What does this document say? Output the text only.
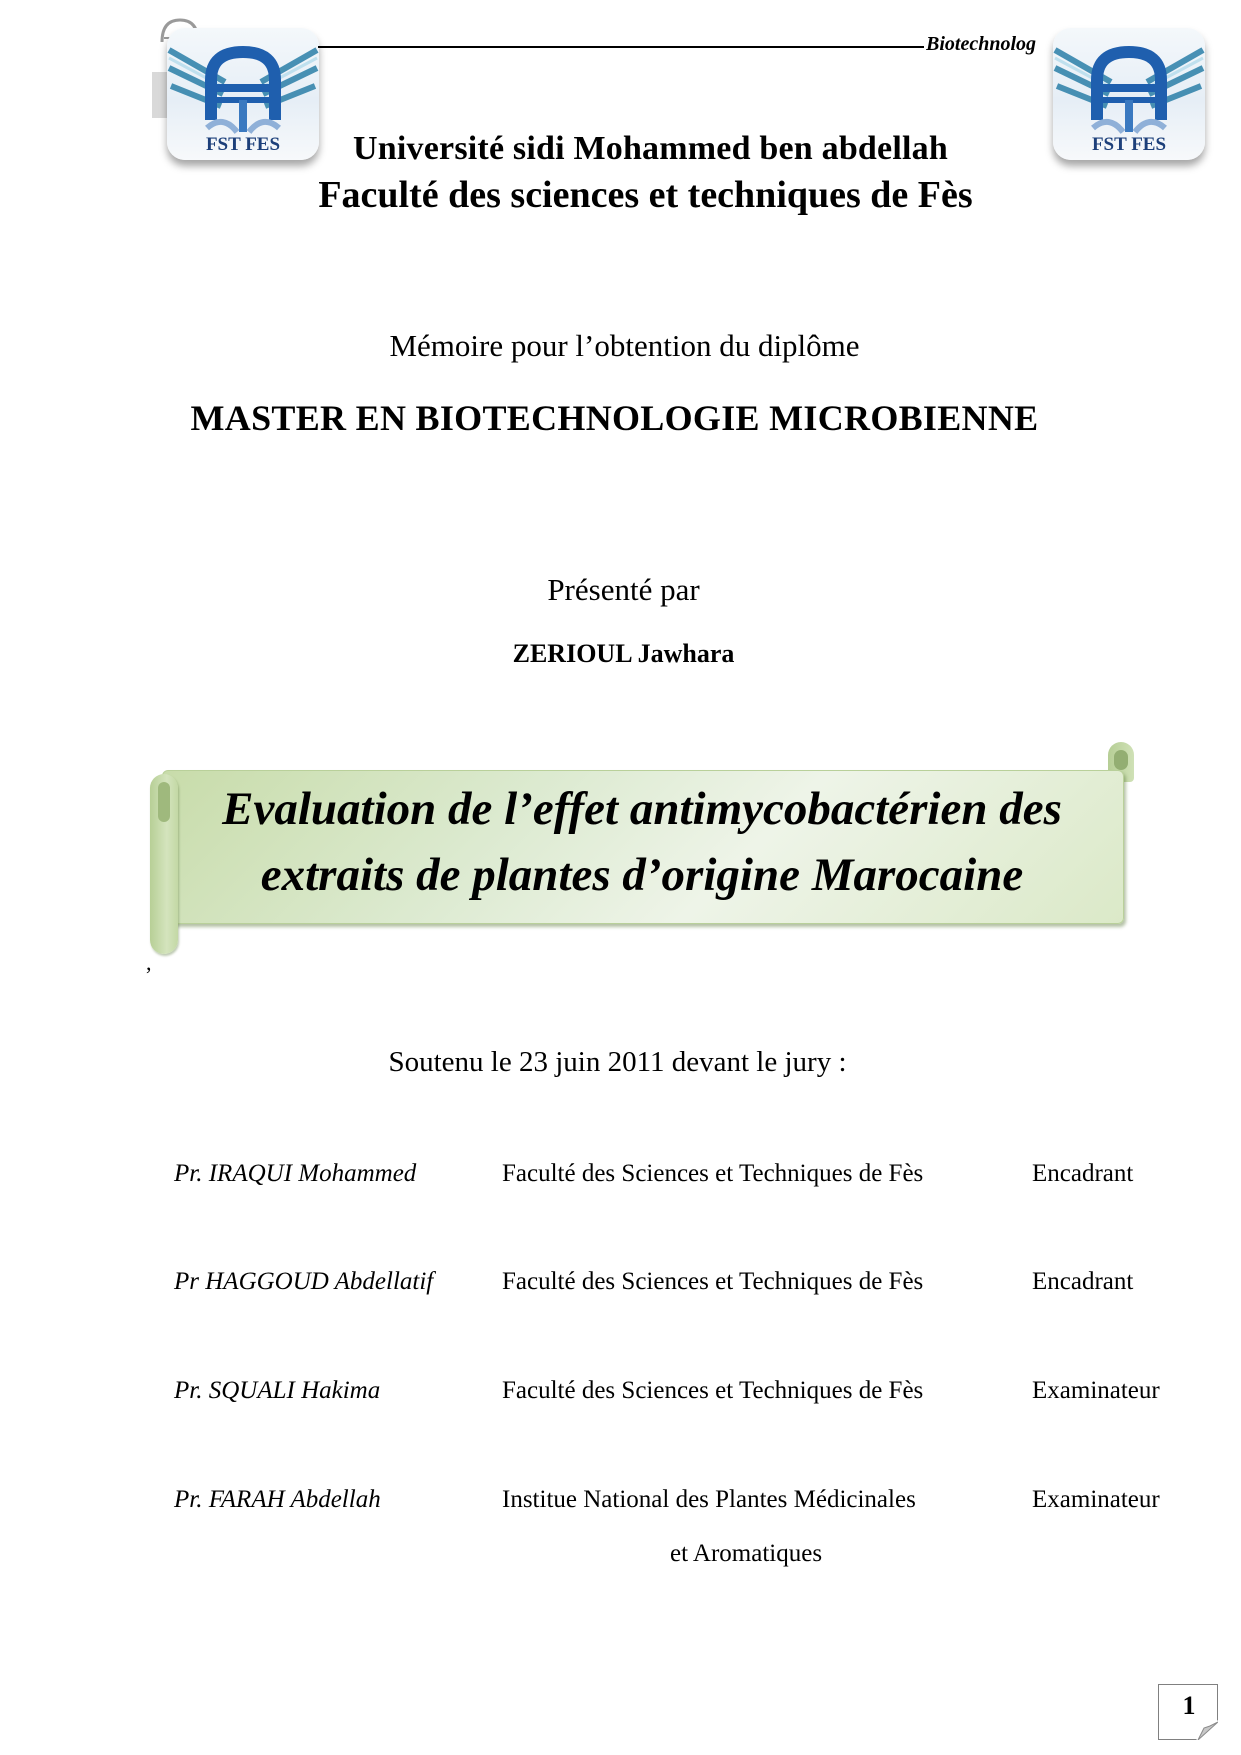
FST FES
Biotechnolog
FST FES
Université sidi Mohammed ben abdellah
Faculté des sciences et techniques de Fès
Mémoire pour l’obtention du diplôme
MASTER EN BIOTECHNOLOGIE MICROBIENNE
Présenté par
ZERIOUL Jawhara
Evaluation de l’effet antimycobactérien des
extraits de plantes d’origine Marocaine
,
Soutenu le 23 juin 2011 devant le jury :
Pr. IRAQUI Mohammed	Faculté des Sciences et Techniques de Fès	Encadrant
Pr HAGGOUD Abdellatif	Faculté des Sciences et Techniques de Fès	Encadrant
Pr. SQUALI Hakima	Faculté des Sciences et Techniques de Fès	Examinateur
Pr. FARAH Abdellah	Institue National des Plantes Médicinales	Examinateur
et Aromatiques
1
